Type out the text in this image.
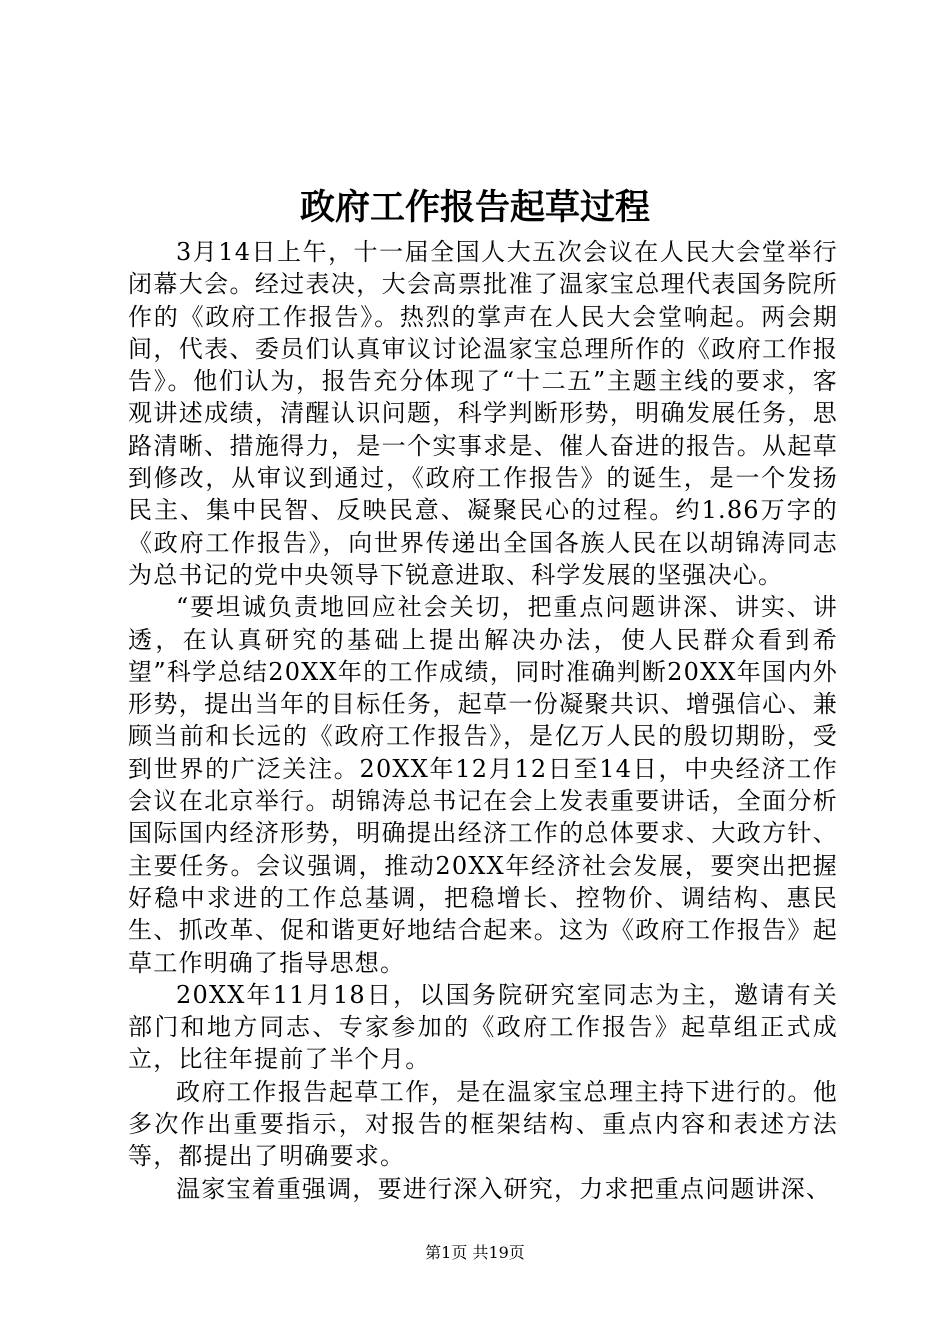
政府工作报告起草过程

3月14日上午，十一届全国人大五次会议在人民大会堂举行闭幕大会。经过表决，大会高票批准了温家宝总理代表国务院所作的《政府工作报告》。热烈的掌声在人民大会堂响起。两会期间，代表、委员们认真审议讨论温家宝总理所作的《政府工作报告》。他们认为，报告充分体现了“十二五”主题主线的要求，客观讲述成绩，清醒认识问题，科学判断形势，明确发展任务，思路清晰、措施得力，是一个实事求是、催人奋进的报告。从起草到修改，从审议到通过，《政府工作报告》的诞生，是一个发扬民主、集中民智、反映民意、凝聚民心的过程。约1.86万字的《政府工作报告》，向世界传递出全国各族人民在以胡锦涛同志为总书记的党中央领导下锐意进取、科学发展的坚强决心。

“要坦诚负责地回应社会关切，把重点问题讲深、讲实、讲透，在认真研究的基础上提出解决办法，使人民群众看到希望”科学总结20XX年的工作成绩，同时准确判断20XX年国内外形势，提出当年的目标任务，起草一份凝聚共识、增强信心、兼顾当前和长远的《政府工作报告》，是亿万人民的殷切期盼，受到世界的广泛关注。20XX年12月12日至14日，中央经济工作会议在北京举行。胡锦涛总书记在会上发表重要讲话，全面分析国际国内经济形势，明确提出经济工作的总体要求、大政方针、主要任务。会议强调，推动20XX年经济社会发展，要突出把握好稳中求进的工作总基调，把稳增长、控物价、调结构、惠民生、抓改革、促和谐更好地结合起来。这为《政府工作报告》起草工作明确了指导思想。

20XX年11月18日，以国务院研究室同志为主，邀请有关部门和地方同志、专家参加的《政府工作报告》起草组正式成立，比往年提前了半个月。

政府工作报告起草工作，是在温家宝总理主持下进行的。他多次作出重要指示，对报告的框架结构、重点内容和表述方法等，都提出了明确要求。

温家宝着重强调，要进行深入研究，力求把重点问题讲深、

第1页 共19页
